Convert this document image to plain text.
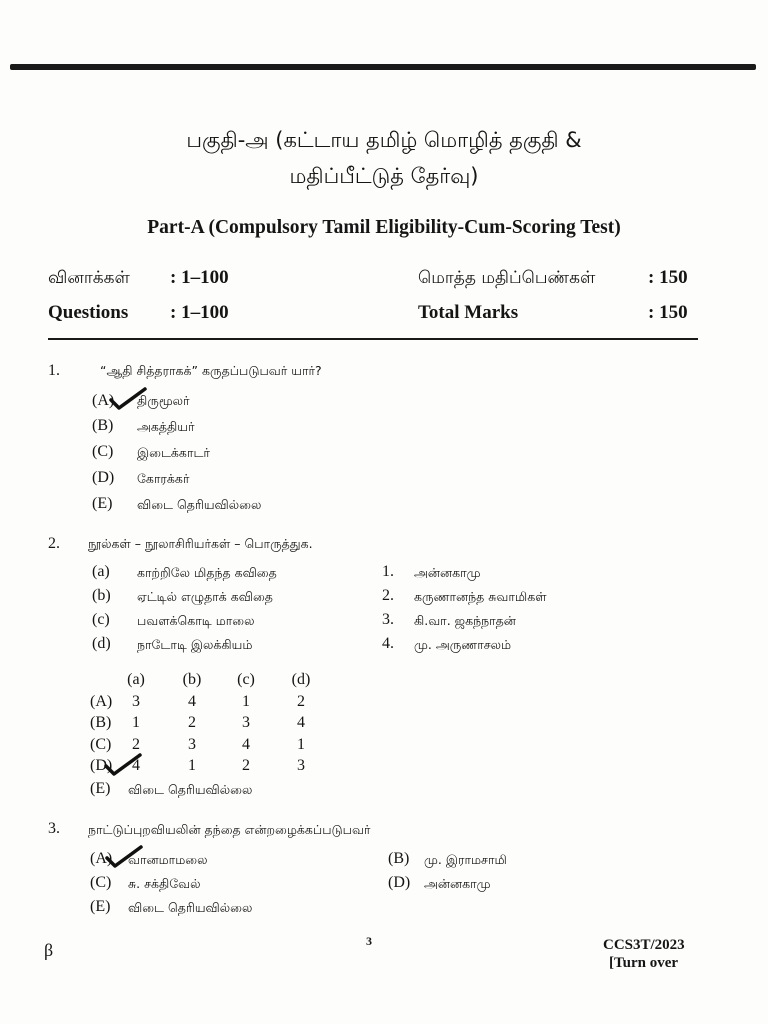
பகுதி-அ (கட்டாய தமிழ் மொழித் தகுதி &
மதிப்பீட்டுத் தேர்வு)
Part-A (Compulsory Tamil Eligibility-Cum-Scoring Test)
வினாக்கள் : 1–100	மொத்த மதிப்பெண்கள்	: 150
Questions : 1–100	Total Marks	: 150
1.	“ஆதி சித்தராகக்” கருதப்படுபவர் யார்?
(A) திருமூலர்
(B) அகத்தியர்
(C) இடைக்காடர்
(D) கோரக்கர்
(E) விடை தெரியவில்லை
2. நூல்கள் – நூலாசிரியர்கள் – பொருத்துக.
(a) காற்றிலே மிதந்த கவிதை
(b) ஏட்டில் எழுதாக் கவிதை
(c) பவளக்கொடி மாலை
(d) நாடோடி இலக்கியம்
1. அன்னகாமு
2. கருணானந்த சுவாமிகள்
3. கி.வா. ஜகந்நாதன்
4. மு. அருணாசலம்
(a) (b) (c) (d)
(A)	3	4	1	2
(B)	1	2	3	4
(C)	2	3	4	1
(D)	4	1	2	3
(E) விடை தெரியவில்லை
3. நாட்டுப்புறவியலின் தந்தை என்றழைக்கப்படுபவர்
(A) வானமாமலை	(B) மு. இராமசாமி
(C) சு. சக்திவேல்	(D) அன்னகாமு
(E) விடை தெரியவில்லை
β	3	CCS3T/2023
[Turn over
